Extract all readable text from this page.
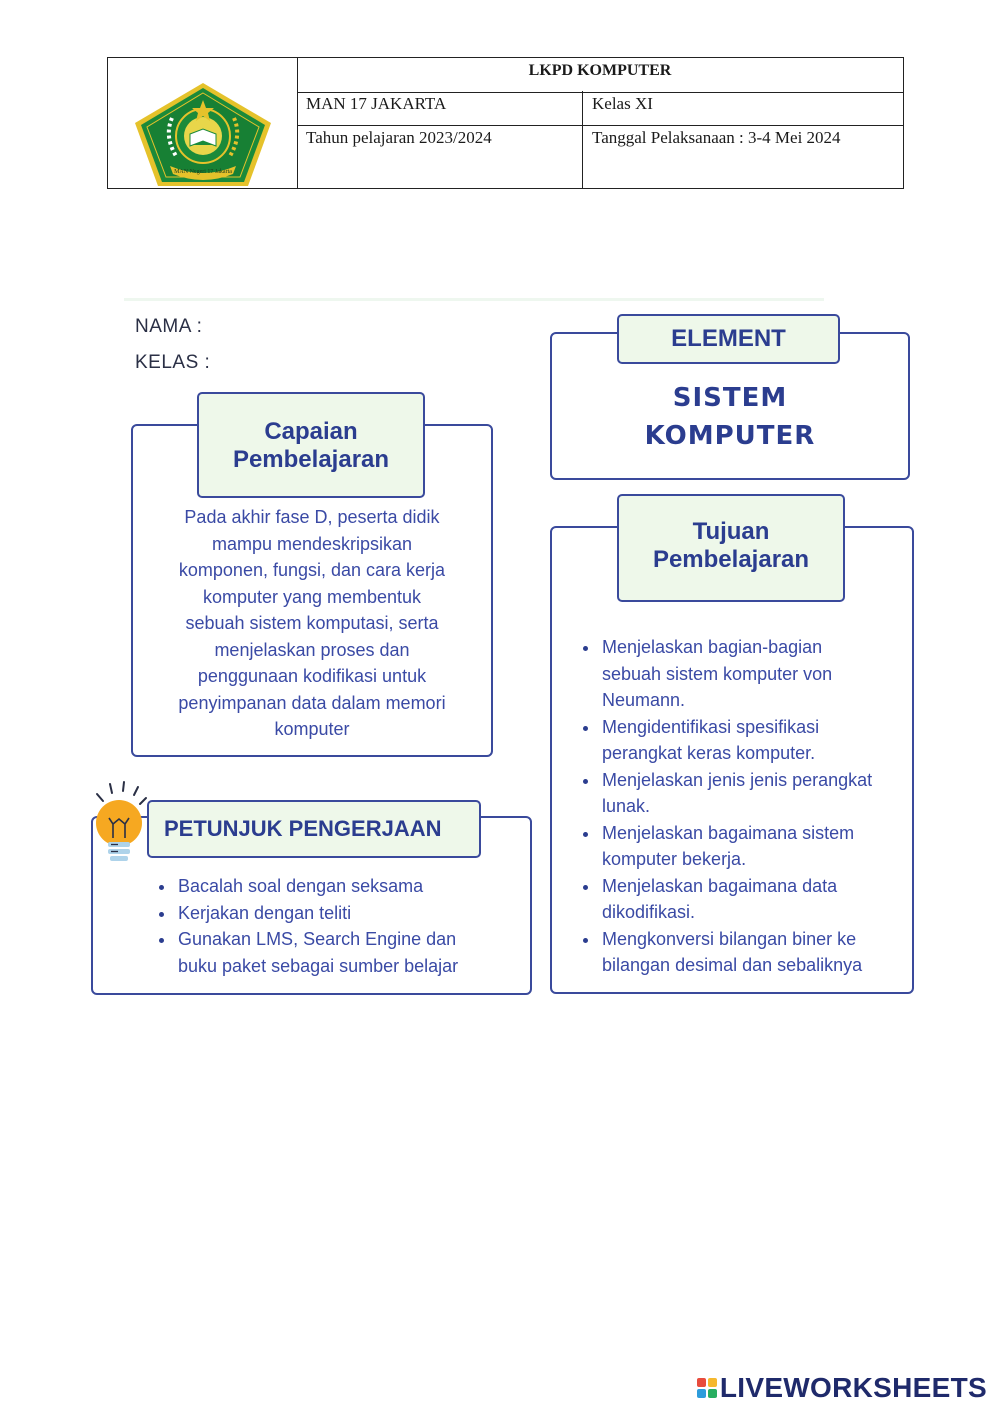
MAN Negeri 17 Jakarta
LKPD KOMPUTER
MAN 17 JAKARTA	Kelas XI
Tahun pelajaran 2023/2024	Tanggal Pelaksanaan : 3-4 Mei 2024
NAMA :
KELAS :
SISTEM
KOMPUTER
ELEMENT
Pada akhir fase D, peserta didik
mampu mendeskripsikan
komponen, fungsi, dan cara kerja
komputer yang membentuk
sebuah sistem komputasi, serta
menjelaskan proses dan
penggunaan kodifikasi untuk
penyimpanan data dalam memori
komputer
Capaian
Pembelajaran
• Menjelaskan bagian-bagian
sebuah sistem komputer von
Neumann.
• Mengidentifikasi spesifikasi
perangkat keras komputer.
• Menjelaskan jenis jenis perangkat
lunak.
• Menjelaskan bagaimana sistem
komputer bekerja.
• Menjelaskan bagaimana data
dikodifikasi.
• Mengkonversi bilangan biner ke
bilangan desimal dan sebaliknya
Tujuan
Pembelajaran
• Bacalah soal dengan seksama
• Kerjakan dengan teliti
• Gunakan LMS, Search Engine dan
buku paket sebagai sumber belajar
PETUNJUK PENGERJAAN
LIVEWORKSHEETS
